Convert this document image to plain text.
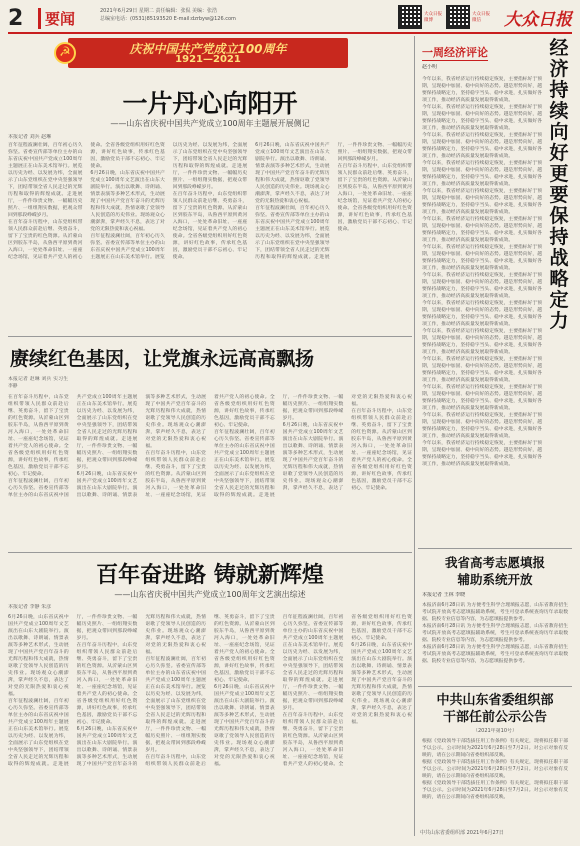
2	要闻	2021年6月29日 星期二 责任编辑：张侃 美编：张浩
总编室电话：(0531)85193520 E-mail:dzrbyw@126.com
大众日报微博
大众日报微信	大众日报
☭	庆祝中国共产党成立100周年
1921—2021
一片丹心向阳开
——山东省庆祝中国共产党成立100周年主题展开展侧记
本报记者 刘兵 赵琳
百年征程波澜壮阔，百年初心历久弥坚。省委宣传部等单位主办的山东省庆祝中国共产党成立100周年主题展正在山东美术馆举行。展览以历史为经、以发展为纬，全面展示了山东党组织在党中央坚强领导下，团结带领全省人民走过的光辉历程和取得的辉煌成就。走进展厅，一件件珍贵文物、一幅幅历史照片、一组组翔实数据，把观众带回到那段峥嵘岁月。
在百年奋斗历程中，山东党组织带领人民群众前赴后继、英勇奋斗，留下了宝贵的红色资源。从沂蒙山区到胶东半岛，从鲁西平原到黄河入海口，一处处革命旧址、一座座纪念场馆，见证着共产党人的初心使命。全省各级党组织用好红色资源，讲好红色故事，传承红色基因，激励党员干部不忘初心、牢记使命。
6月26日晚，山东省庆祝中国共产党成立100周年文艺演出在山东大剧院举行。演出以歌舞、诗朗诵、情景表演等多种艺术形式，生动展现了中国共产党百年奋斗的光辉历程和伟大成就，热情讴歌了党领导人民创造的历史伟业。现场观众心潮澎湃，掌声经久不息，表达了对党的无限热爱和衷心祝福。
百年征程波澜壮阔，百年初心历久弥坚。省委宣传部等单位主办的山东省庆祝中国共产党成立100周年主题展正在山东美术馆举行。展览以历史为经、以发展为纬，全面展示了山东党组织在党中央坚强领导下，团结带领全省人民走过的光辉历程和取得的辉煌成就。走进展厅，一件件珍贵文物、一幅幅历史照片、一组组翔实数据，把观众带回到那段峥嵘岁月。
在百年奋斗历程中，山东党组织带领人民群众前赴后继、英勇奋斗，留下了宝贵的红色资源。从沂蒙山区到胶东半岛，从鲁西平原到黄河入海口，一处处革命旧址、一座座纪念场馆，见证着共产党人的初心使命。全省各级党组织用好红色资源，讲好红色故事，传承红色基因，激励党员干部不忘初心、牢记使命。
6月26日晚，山东省庆祝中国共产党成立100周年文艺演出在山东大剧院举行。演出以歌舞、诗朗诵、情景表演等多种艺术形式，生动展现了中国共产党百年奋斗的光辉历程和伟大成就，热情讴歌了党领导人民创造的历史伟业。现场观众心潮澎湃，掌声经久不息，表达了对党的无限热爱和衷心祝福。
百年征程波澜壮阔，百年初心历久弥坚。省委宣传部等单位主办的山东省庆祝中国共产党成立100周年主题展正在山东美术馆举行。展览以历史为经、以发展为纬，全面展示了山东党组织在党中央坚强领导下，团结带领全省人民走过的光辉历程和取得的辉煌成就。走进展厅，一件件珍贵文物、一幅幅历史照片、一组组翔实数据，把观众带回到那段峥嵘岁月。
在百年奋斗历程中，山东党组织带领人民群众前赴后继、英勇奋斗，留下了宝贵的红色资源。从沂蒙山区到胶东半岛，从鲁西平原到黄河入海口，一处处革命旧址、一座座纪念场馆，见证着共产党人的初心使命。全省各级党组织用好红色资源，讲好红色故事，传承红色基因，激励党员干部不忘初心、牢记使命。
赓续红色基因，让党旗永远高高飘扬
本报记者 赵琳 刘兵 实习生 李静
在百年奋斗历程中，山东党组织带领人民群众前赴后继、英勇奋斗，留下了宝贵的红色资源。从沂蒙山区到胶东半岛，从鲁西平原到黄河入海口，一处处革命旧址、一座座纪念场馆，见证着共产党人的初心使命。全省各级党组织用好红色资源，讲好红色故事，传承红色基因，激励党员干部不忘初心、牢记使命。
百年征程波澜壮阔，百年初心历久弥坚。省委宣传部等单位主办的山东省庆祝中国共产党成立100周年主题展正在山东美术馆举行。展览以历史为经、以发展为纬，全面展示了山东党组织在党中央坚强领导下，团结带领全省人民走过的光辉历程和取得的辉煌成就。走进展厅，一件件珍贵文物、一幅幅历史照片、一组组翔实数据，把观众带回到那段峥嵘岁月。
6月26日晚，山东省庆祝中国共产党成立100周年文艺演出在山东大剧院举行。演出以歌舞、诗朗诵、情景表演等多种艺术形式，生动展现了中国共产党百年奋斗的光辉历程和伟大成就，热情讴歌了党领导人民创造的历史伟业。现场观众心潮澎湃，掌声经久不息，表达了对党的无限热爱和衷心祝福。
在百年奋斗历程中，山东党组织带领人民群众前赴后继、英勇奋斗，留下了宝贵的红色资源。从沂蒙山区到胶东半岛，从鲁西平原到黄河入海口，一处处革命旧址、一座座纪念场馆，见证着共产党人的初心使命。全省各级党组织用好红色资源，讲好红色故事，传承红色基因，激励党员干部不忘初心、牢记使命。
百年征程波澜壮阔，百年初心历久弥坚。省委宣传部等单位主办的山东省庆祝中国共产党成立100周年主题展正在山东美术馆举行。展览以历史为经、以发展为纬，全面展示了山东党组织在党中央坚强领导下，团结带领全省人民走过的光辉历程和取得的辉煌成就。走进展厅，一件件珍贵文物、一幅幅历史照片、一组组翔实数据，把观众带回到那段峥嵘岁月。
6月26日晚，山东省庆祝中国共产党成立100周年文艺演出在山东大剧院举行。演出以歌舞、诗朗诵、情景表演等多种艺术形式，生动展现了中国共产党百年奋斗的光辉历程和伟大成就，热情讴歌了党领导人民创造的历史伟业。现场观众心潮澎湃，掌声经久不息，表达了对党的无限热爱和衷心祝福。
在百年奋斗历程中，山东党组织带领人民群众前赴后继、英勇奋斗，留下了宝贵的红色资源。从沂蒙山区到胶东半岛，从鲁西平原到黄河入海口，一处处革命旧址、一座座纪念场馆，见证着共产党人的初心使命。全省各级党组织用好红色资源，讲好红色故事，传承红色基因，激励党员干部不忘初心、牢记使命。
百年奋进路 铸就新辉煌
——山东省庆祝中国共产党成立100周年文艺演出综述
本报记者 李静 朱彦
6月26日晚，山东省庆祝中国共产党成立100周年文艺演出在山东大剧院举行。演出以歌舞、诗朗诵、情景表演等多种艺术形式，生动展现了中国共产党百年奋斗的光辉历程和伟大成就，热情讴歌了党领导人民创造的历史伟业。现场观众心潮澎湃，掌声经久不息，表达了对党的无限热爱和衷心祝福。
百年征程波澜壮阔，百年初心历久弥坚。省委宣传部等单位主办的山东省庆祝中国共产党成立100周年主题展正在山东美术馆举行。展览以历史为经、以发展为纬，全面展示了山东党组织在党中央坚强领导下，团结带领全省人民走过的光辉历程和取得的辉煌成就。走进展厅，一件件珍贵文物、一幅幅历史照片、一组组翔实数据，把观众带回到那段峥嵘岁月。
在百年奋斗历程中，山东党组织带领人民群众前赴后继、英勇奋斗，留下了宝贵的红色资源。从沂蒙山区到胶东半岛，从鲁西平原到黄河入海口，一处处革命旧址、一座座纪念场馆，见证着共产党人的初心使命。全省各级党组织用好红色资源，讲好红色故事，传承红色基因，激励党员干部不忘初心、牢记使命。
6月26日晚，山东省庆祝中国共产党成立100周年文艺演出在山东大剧院举行。演出以歌舞、诗朗诵、情景表演等多种艺术形式，生动展现了中国共产党百年奋斗的光辉历程和伟大成就，热情讴歌了党领导人民创造的历史伟业。现场观众心潮澎湃，掌声经久不息，表达了对党的无限热爱和衷心祝福。
百年征程波澜壮阔，百年初心历久弥坚。省委宣传部等单位主办的山东省庆祝中国共产党成立100周年主题展正在山东美术馆举行。展览以历史为经、以发展为纬，全面展示了山东党组织在党中央坚强领导下，团结带领全省人民走过的光辉历程和取得的辉煌成就。走进展厅，一件件珍贵文物、一幅幅历史照片、一组组翔实数据，把观众带回到那段峥嵘岁月。
在百年奋斗历程中，山东党组织带领人民群众前赴后继、英勇奋斗，留下了宝贵的红色资源。从沂蒙山区到胶东半岛，从鲁西平原到黄河入海口，一处处革命旧址、一座座纪念场馆，见证着共产党人的初心使命。全省各级党组织用好红色资源，讲好红色故事，传承红色基因，激励党员干部不忘初心、牢记使命。
6月26日晚，山东省庆祝中国共产党成立100周年文艺演出在山东大剧院举行。演出以歌舞、诗朗诵、情景表演等多种艺术形式，生动展现了中国共产党百年奋斗的光辉历程和伟大成就，热情讴歌了党领导人民创造的历史伟业。现场观众心潮澎湃，掌声经久不息，表达了对党的无限热爱和衷心祝福。
百年征程波澜壮阔，百年初心历久弥坚。省委宣传部等单位主办的山东省庆祝中国共产党成立100周年主题展正在山东美术馆举行。展览以历史为经、以发展为纬，全面展示了山东党组织在党中央坚强领导下，团结带领全省人民走过的光辉历程和取得的辉煌成就。走进展厅，一件件珍贵文物、一幅幅历史照片、一组组翔实数据，把观众带回到那段峥嵘岁月。
在百年奋斗历程中，山东党组织带领人民群众前赴后继、英勇奋斗，留下了宝贵的红色资源。从沂蒙山区到胶东半岛，从鲁西平原到黄河入海口，一处处革命旧址、一座座纪念场馆，见证着共产党人的初心使命。全省各级党组织用好红色资源，讲好红色故事，传承红色基因，激励党员干部不忘初心、牢记使命。
6月26日晚，山东省庆祝中国共产党成立100周年文艺演出在山东大剧院举行。演出以歌舞、诗朗诵、情景表演等多种艺术形式，生动展现了中国共产党百年奋斗的光辉历程和伟大成就，热情讴歌了党领导人民创造的历史伟业。现场观众心潮澎湃，掌声经久不息，表达了对党的无限热爱和衷心祝福。
一周经济评论	经济持续向好更要保持战略定力
赵小明
今年以来，我省经济运行持续稳定恢复，主要指标好于预期，呈现稳中加固、稳中向好的态势。越是形势向好，越要保持战略定力，坚持稳字当头、稳中求进，扎实做好各项工作，推动经济高质量发展取得新成效。
今年以来，我省经济运行持续稳定恢复，主要指标好于预期，呈现稳中加固、稳中向好的态势。越是形势向好，越要保持战略定力，坚持稳字当头、稳中求进，扎实做好各项工作，推动经济高质量发展取得新成效。
今年以来，我省经济运行持续稳定恢复，主要指标好于预期，呈现稳中加固、稳中向好的态势。越是形势向好，越要保持战略定力，坚持稳字当头、稳中求进，扎实做好各项工作，推动经济高质量发展取得新成效。
今年以来，我省经济运行持续稳定恢复，主要指标好于预期，呈现稳中加固、稳中向好的态势。越是形势向好，越要保持战略定力，坚持稳字当头、稳中求进，扎实做好各项工作，推动经济高质量发展取得新成效。
今年以来，我省经济运行持续稳定恢复，主要指标好于预期，呈现稳中加固、稳中向好的态势。越是形势向好，越要保持战略定力，坚持稳字当头、稳中求进，扎实做好各项工作，推动经济高质量发展取得新成效。
今年以来，我省经济运行持续稳定恢复，主要指标好于预期，呈现稳中加固、稳中向好的态势。越是形势向好，越要保持战略定力，坚持稳字当头、稳中求进，扎实做好各项工作，推动经济高质量发展取得新成效。
今年以来，我省经济运行持续稳定恢复，主要指标好于预期，呈现稳中加固、稳中向好的态势。越是形势向好，越要保持战略定力，坚持稳字当头、稳中求进，扎实做好各项工作，推动经济高质量发展取得新成效。
今年以来，我省经济运行持续稳定恢复，主要指标好于预期，呈现稳中加固、稳中向好的态势。越是形势向好，越要保持战略定力，坚持稳字当头、稳中求进，扎实做好各项工作，推动经济高质量发展取得新成效。
今年以来，我省经济运行持续稳定恢复，主要指标好于预期，呈现稳中加固、稳中向好的态势。越是形势向好，越要保持战略定力，坚持稳字当头、稳中求进，扎实做好各项工作，推动经济高质量发展取得新成效。
今年以来，我省经济运行持续稳定恢复，主要指标好于预期，呈现稳中加固、稳中向好的态势。越是形势向好，越要保持战略定力，坚持稳字当头、稳中求进，扎实做好各项工作，推动经济高质量发展取得新成效。
今年以来，我省经济运行持续稳定恢复，主要指标好于预期，呈现稳中加固、稳中向好的态势。越是形势向好，越要保持战略定力，坚持稳字当头、稳中求进，扎实做好各项工作，推动经济高质量发展取得新成效。
今年以来，我省经济运行持续稳定恢复，主要指标好于预期，呈现稳中加固、稳中向好的态势。越是形势向好，越要保持战略定力，坚持稳字当头、稳中求进，扎实做好各项工作，推动经济高质量发展取得新成效。
今年以来，我省经济运行持续稳定恢复，主要指标好于预期，呈现稳中加固、稳中向好的态势。越是形势向好，越要保持战略定力，坚持稳字当头、稳中求进，扎实做好各项工作，推动经济高质量发展取得新成效。
今年以来，我省经济运行持续稳定恢复，主要指标好于预期，呈现稳中加固、稳中向好的态势。越是形势向好，越要保持战略定力，坚持稳字当头、稳中求进，扎实做好各项工作，推动经济高质量发展取得新成效。
我省高考志愿填报
辅助系统开放
本报记者 王林 李晓
本报济南6月28日讯 为方便考生科学合理填报志愿，山东省教育招生考试院开放高考志愿填报辅助系统，考生可登录系统查询历年录取数据、院校专业信息等内容，为志愿填报提供参考。
本报济南6月28日讯 为方便考生科学合理填报志愿，山东省教育招生考试院开放高考志愿填报辅助系统，考生可登录系统查询历年录取数据、院校专业信息等内容，为志愿填报提供参考。
本报济南6月28日讯 为方便考生科学合理填报志愿，山东省教育招生考试院开放高考志愿填报辅助系统，考生可登录系统查询历年录取数据、院校专业信息等内容，为志愿填报提供参考。
中共山东省委组织部
干部任前公示公告
（2021年第10号）
根据《党政领导干部选拔任用工作条例》有关规定，现将拟任职干部予以公示。公示时间为2021年6月28日至7月2日。对公示对象有反映的，请在公示期间向省委组织部反映。
根据《党政领导干部选拔任用工作条例》有关规定，现将拟任职干部予以公示。公示时间为2021年6月28日至7月2日。对公示对象有反映的，请在公示期间向省委组织部反映。
根据《党政领导干部选拔任用工作条例》有关规定，现将拟任职干部予以公示。公示时间为2021年6月28日至7月2日。对公示对象有反映的，请在公示期间向省委组织部反映。
中共山东省委组织部 2021年6月27日
